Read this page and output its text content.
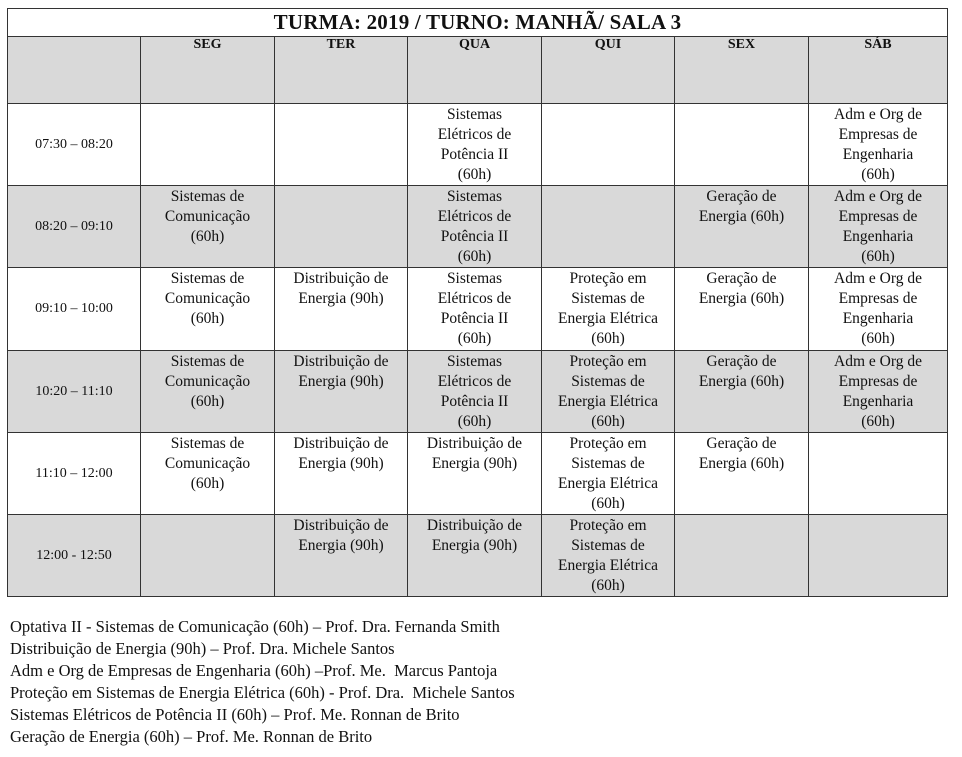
TURMA: 2019 / TURNO: MANHÃ/ SALA 3						
	SEG	TER	QUA	QUI	SEX	SÁB
07:30 – 08:20			Sistemas
Elétricos de
Potência II
(60h)			Adm e Org de
Empresas de
Engenharia
(60h)

08:20 – 09:10	Sistemas de
Comunicação
(60h)		Sistemas
Elétricos de
Potência II
(60h)		Geração de
Energia (60h)	Adm e Org de
Empresas de
Engenharia
(60h)

09:10 – 10:00	Sistemas de
Comunicação
(60h)	Distribuição de
Energia (90h)	Sistemas
Elétricos de
Potência II
(60h)	Proteção em
Sistemas de
Energia Elétrica
(60h)	Geração de
Energia (60h)	Adm e Org de
Empresas de
Engenharia
(60h)

10:20 – 11:10	Sistemas de
Comunicação
(60h)	Distribuição de
Energia (90h)	Sistemas
Elétricos de
Potência II
(60h)	Proteção em
Sistemas de
Energia Elétrica
(60h)	Geração de
Energia (60h)	Adm e Org de
Empresas de
Engenharia
(60h)

11:10 – 12:00	Sistemas de
Comunicação
(60h)	Distribuição de
Energia (90h)	Distribuição de
Energia (90h)	Proteção em
Sistemas de
Energia Elétrica
(60h)	Geração de
Energia (60h)	

12:00 - 12:50		Distribuição de
Energia (90h)	Distribuição de
Energia (90h)	Proteção em
Sistemas de
Energia Elétrica
(60h)		

Optativa II - Sistemas de Comunicação (60h) – Prof. Dra. Fernanda Smith
Distribuição de Energia (90h) – Prof. Dra. Michele Santos
Adm e Org de Empresas de Engenharia (60h) –Prof. Me.  Marcus Pantoja
Proteção em Sistemas de Energia Elétrica (60h) - Prof. Dra.  Michele Santos
Sistemas Elétricos de Potência II (60h) – Prof. Me. Ronnan de Brito
Geração de Energia (60h) – Prof. Me. Ronnan de Brito
